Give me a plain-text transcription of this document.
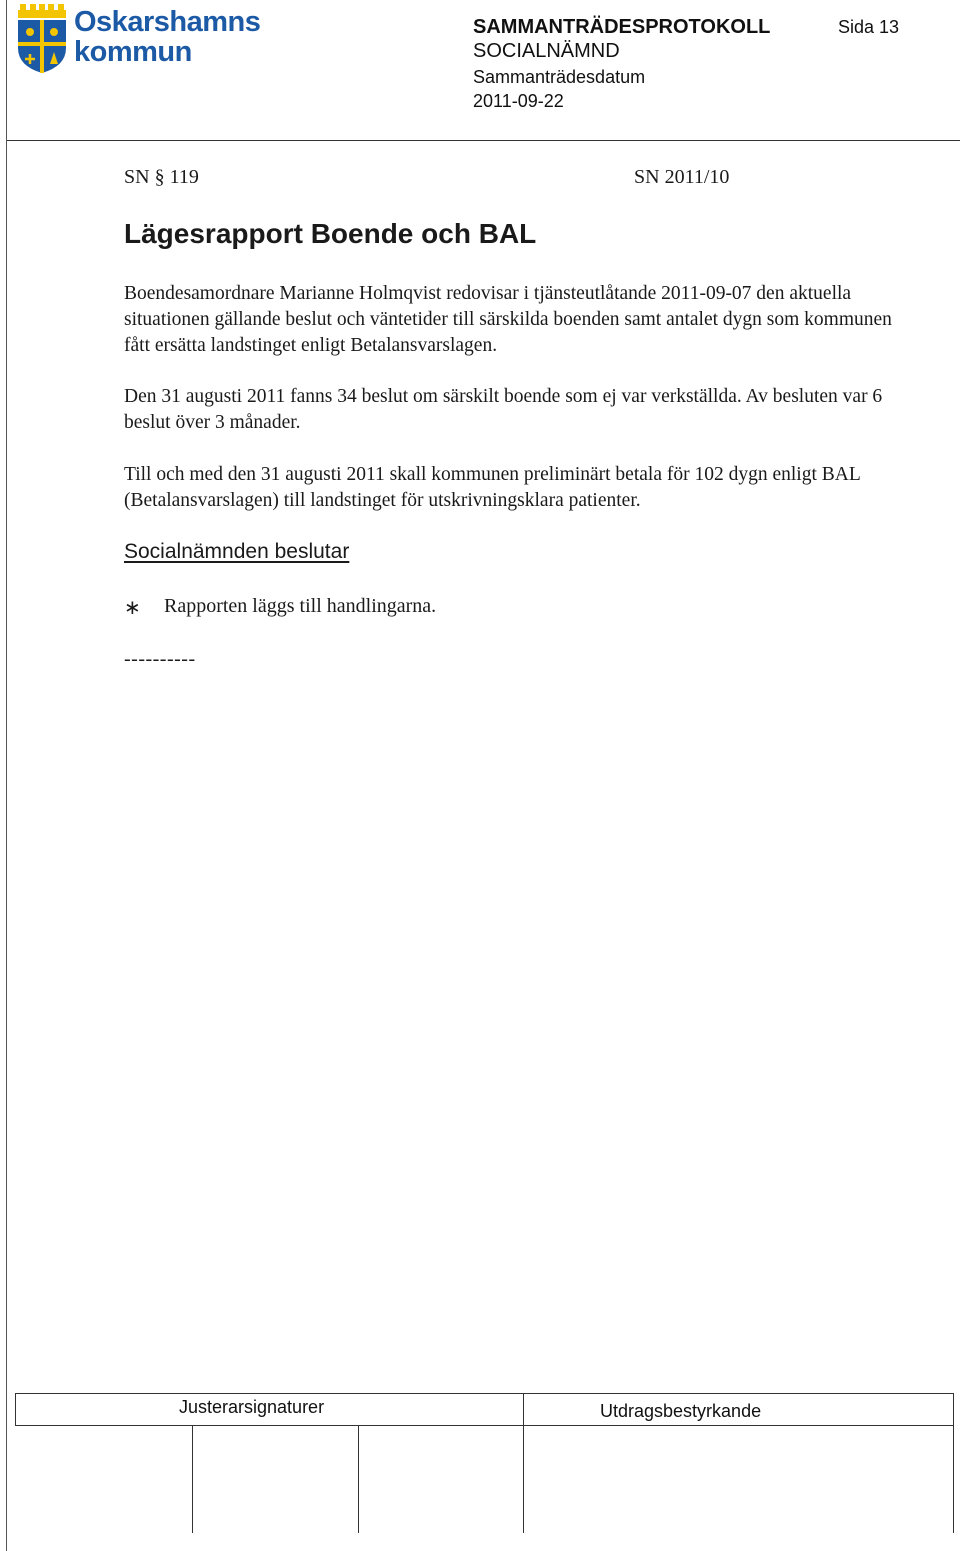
Oskarshamns
kommun
SAMMANTRÄDESPROTOKOLL
SOCIALNÄMND
Sammanträdesdatum
2011-09-22
Sida 13
SN § 119	SN 2011/10
Lägesrapport Boende och BAL
Boendesamordnare Marianne Holmqvist redovisar i tjänsteutlåtande 2011-09-07 den aktuella situationen gällande beslut och väntetider till särskilda boenden samt antalet dygn som kommunen fått ersätta landstinget enligt Betalansvarslagen.
Den 31 augusti 2011 fanns 34 beslut om särskilt boende som ej var verkställda. Av besluten var 6 beslut över 3 månader.
Till och med den 31 augusti 2011 skall kommunen preliminärt betala för 102 dygn enligt BAL (Betalansvarslagen) till landstinget för utskrivningsklara patienter.
Socialnämnden beslutar
∗	Rapporten läggs till handlingarna.
----------
Justerarsignaturer	Utdragsbestyrkande
